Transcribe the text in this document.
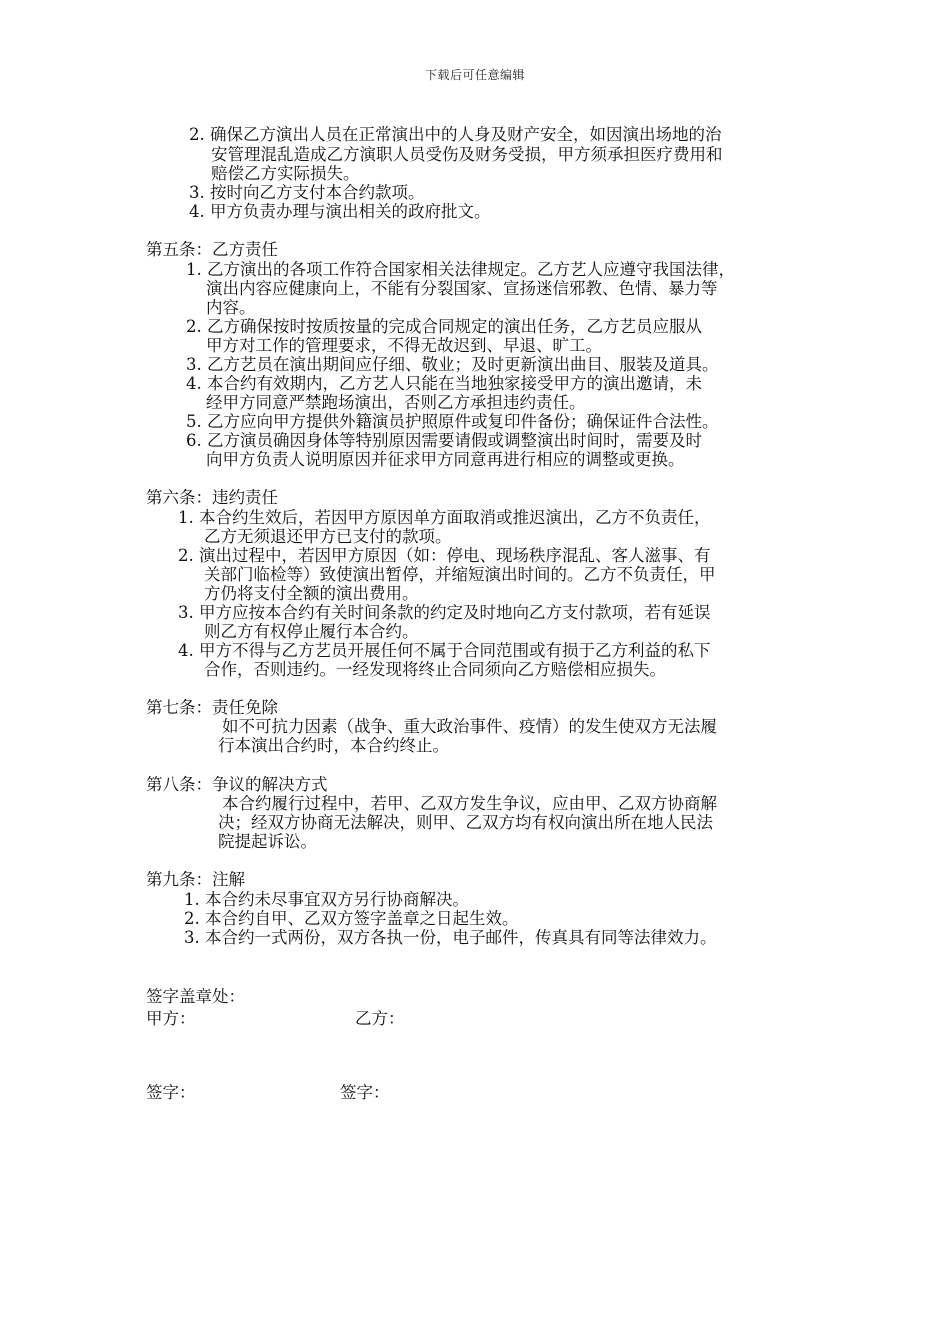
下载后可任意编辑
2. 确保乙方演出人员在正常演出中的人身及财产安全，如因演出场地的治
安管理混乱造成乙方演职人员受伤及财务受损，甲方须承担医疗费用和
赔偿乙方实际损失。
3. 按时向乙方支付本合约款项。
4. 甲方负责办理与演出相关的政府批文。
第五条：乙方责任
1. 乙方演出的各项工作符合国家相关法律规定。乙方艺人应遵守我国法律，
演出内容应健康向上，不能有分裂国家、宣扬迷信邪教、色情、暴力等
内容。
2. 乙方确保按时按质按量的完成合同规定的演出任务，乙方艺员应服从
甲方对工作的管理要求，不得无故迟到、早退、旷工。
3. 乙方艺员在演出期间应仔细、敬业；及时更新演出曲目、服装及道具。
4. 本合约有效期内，乙方艺人只能在当地独家接受甲方的演出邀请，未
经甲方同意严禁跑场演出，否则乙方承担违约责任。
5. 乙方应向甲方提供外籍演员护照原件或复印件备份；确保证件合法性。
6. 乙方演员确因身体等特别原因需要请假或调整演出时间时，需要及时
向甲方负责人说明原因并征求甲方同意再进行相应的调整或更换。
第六条：违约责任
1. 本合约生效后，若因甲方原因单方面取消或推迟演出，乙方不负责任，
乙方无须退还甲方已支付的款项。
2. 演出过程中，若因甲方原因（如：停电、现场秩序混乱、客人滋事、有
关部门临检等）致使演出暂停，并缩短演出时间的。乙方不负责任，甲
方仍将支付全额的演出费用。
3. 甲方应按本合约有关时间条款的约定及时地向乙方支付款项，若有延误
则乙方有权停止履行本合约。
4. 甲方不得与乙方艺员开展任何不属于合同范围或有损于乙方利益的私下
合作，否则违约。一经发现将终止合同须向乙方赔偿相应损失。
第七条：责任免除
如不可抗力因素（战争、重大政治事件、疫情）的发生使双方无法履
行本演出合约时，本合约终止。
第八条：争议的解决方式
本合约履行过程中，若甲、乙双方发生争议，应由甲、乙双方协商解
决；经双方协商无法解决，则甲、乙双方均有权向演出所在地人民法
院提起诉讼。
第九条：注解
1. 本合约未尽事宜双方另行协商解决。
2. 本合约自甲、乙双方签字盖章之日起生效。
3. 本合约一式两份，双方各执一份，电子邮件，传真具有同等法律效力。
签字盖章处：
甲方：	乙方：
签字：	签字：
